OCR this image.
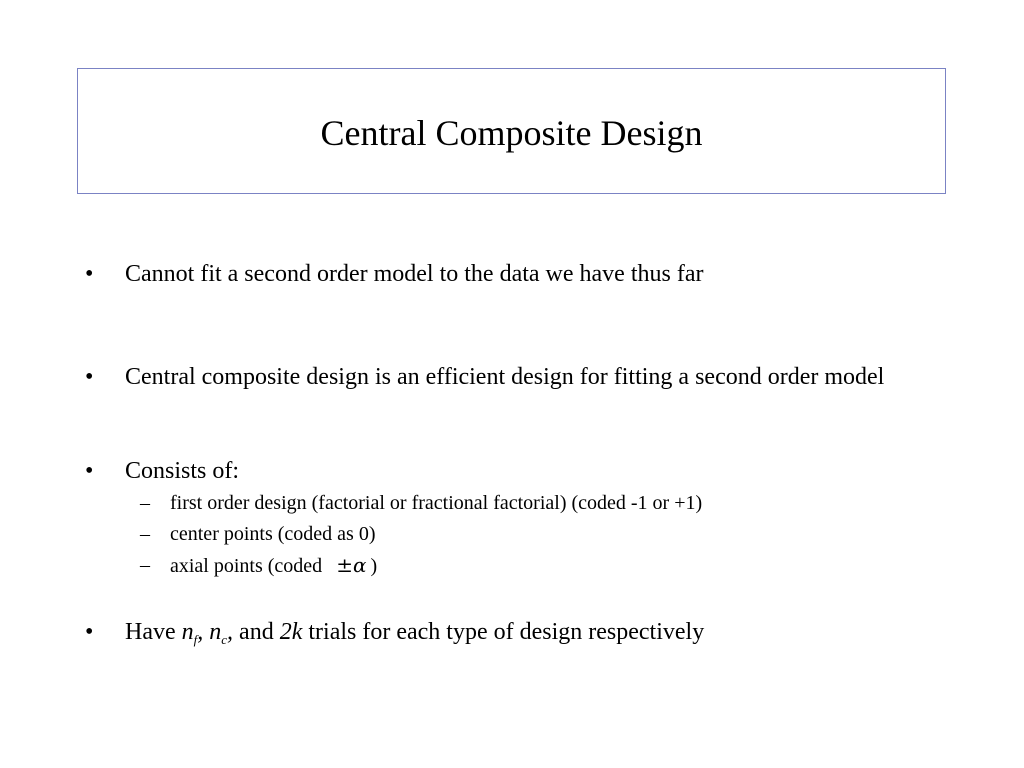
Central Composite Design
•	Cannot fit a second order model to the data we have thus far
•	Central composite design is an efficient design for fitting a second order model
•	Consists of:
– first order design (factorial or fractional factorial) (coded -1 or +1)
– center points (coded as 0)
– axial points (coded ±α )
•	Have $n_f$, $n_c$, and 2k trials for each type of design respectively
